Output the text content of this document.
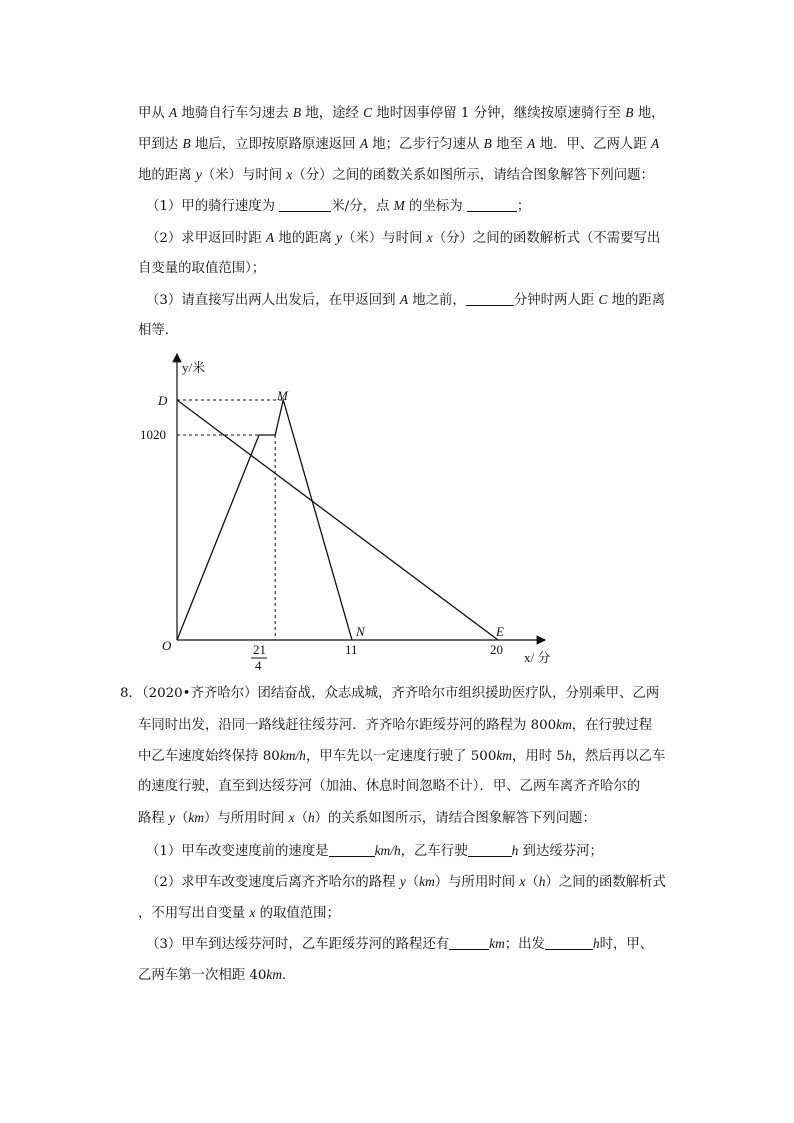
甲从 A 地骑自行车匀速去 B 地，途经 C 地时因事停留 1 分钟，继续按原速骑行至 B 地，
甲到达 B 地后，立即按原路原速返回 A 地；乙步行匀速从 B 地至 A 地．甲、乙两人距 A
地的距离 y（米）与时间 x（分）之间的函数关系如图所示，请结合图象解答下列问题：
（1）甲的骑行速度为	米/分，点 M 的坐标为	；
（2）求甲返回时距 A 地的距离 y（米）与时间 x（分）之间的函数解析式（不需要写出
自变量的取值范围）；
（3）请直接写出两人出发后，在甲返回到 A 地之前，	分钟时两人距 C 地的距离
相等．
y/米
x/ 分
O
D	M
N	E
1020
21
4
11	20
8．（2020•齐齐哈尔）团结奋战，众志成城，齐齐哈尔市组织援助医疗队，分别乘甲、乙两
车同时出发，沿同一路线赶往绥芬河．齐齐哈尔距绥芬河的路程为 800km，在行驶过程
中乙车速度始终保持 80km/h，甲车先以一定速度行驶了 500km，用时 5h，然后再以乙车
的速度行驶，直至到达绥芬河（加油、休息时间忽略不计）．甲、乙两车离齐齐哈尔的
路程 y（km）与所用时间 x（h）的关系如图所示，请结合图象解答下列问题：
（1）甲车改变速度前的速度是	km/h，乙车行驶	h 到达绥芬河；
（2）求甲车改变速度后离齐齐哈尔的路程 y（km）与所用时间 x（h）之间的函数解析式
，不用写出自变量 x 的取值范围；
（3）甲车到达绥芬河时，乙车距绥芬河的路程还有	km；出发	h时，甲、
乙两车第一次相距 40km．
